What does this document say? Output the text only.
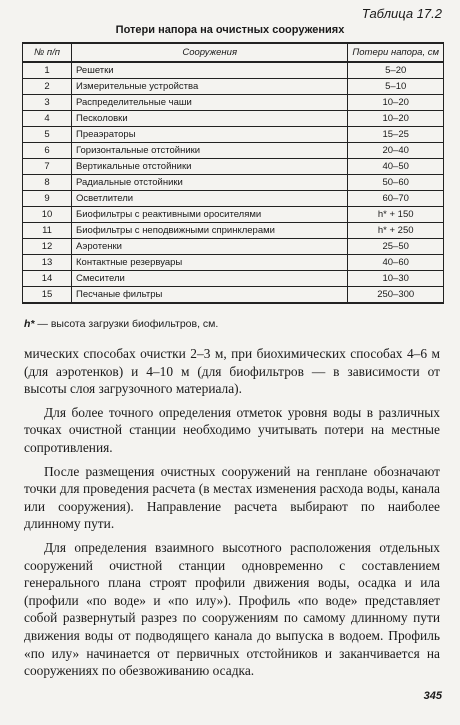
Таблица 17.2
Потери напора на очистных сооружениях
№ п/п	Сооружения	Потери напора, см
1	Решетки	5–20
2	Измерительные устройства	5–10
3	Распределительные чаши	10–20
4	Песколовки	10–20
5	Преаэраторы	15–25
6	Горизонтальные отстойники	20–40
7	Вертикальные отстойники	40–50
8	Радиальные отстойники	50–60
9	Осветлители	60–70
10	Биофильтры с реактивными оросителями	h* + 150
11	Биофильтры с неподвижными спринклерами	h* + 250
12	Аэротенки	25–50
13	Контактные резервуары	40–60
14	Смесители	10–30
15	Песчаные фильтры	250–300
h* — высота загрузки биофильтров, см.

мических способах очистки 2–3 м, при биохимических способах 4–6 м (для аэротенков) и 4–10 м (для биофильтров — в зависимости от высоты слоя загрузочного материала).

Для более точного определения отметок уровня воды в различных точках очистной станции необходимо учитывать потери на местные сопротивления.

После размещения очистных сооружений на генплане обозначают точки для проведения расчета (в местах изменения расхода воды, канала или сооружения). Направление расчета выбирают по наиболее длинному пути.

Для определения взаимного высотного расположения отдельных сооружений очистной станции одновременно с составлением генерального плана строят профили движения воды, осадка и ила (профили «по воде» и «по илу»). Профиль «по воде» представляет собой развернутый разрез по сооружениям по самому длинному пути движения воды от подводящего канала до выпуска в водоем. Профиль «по илу» начинается от первичных отстойников и заканчивается на сооружениях по обезвоживанию осадка.

345
